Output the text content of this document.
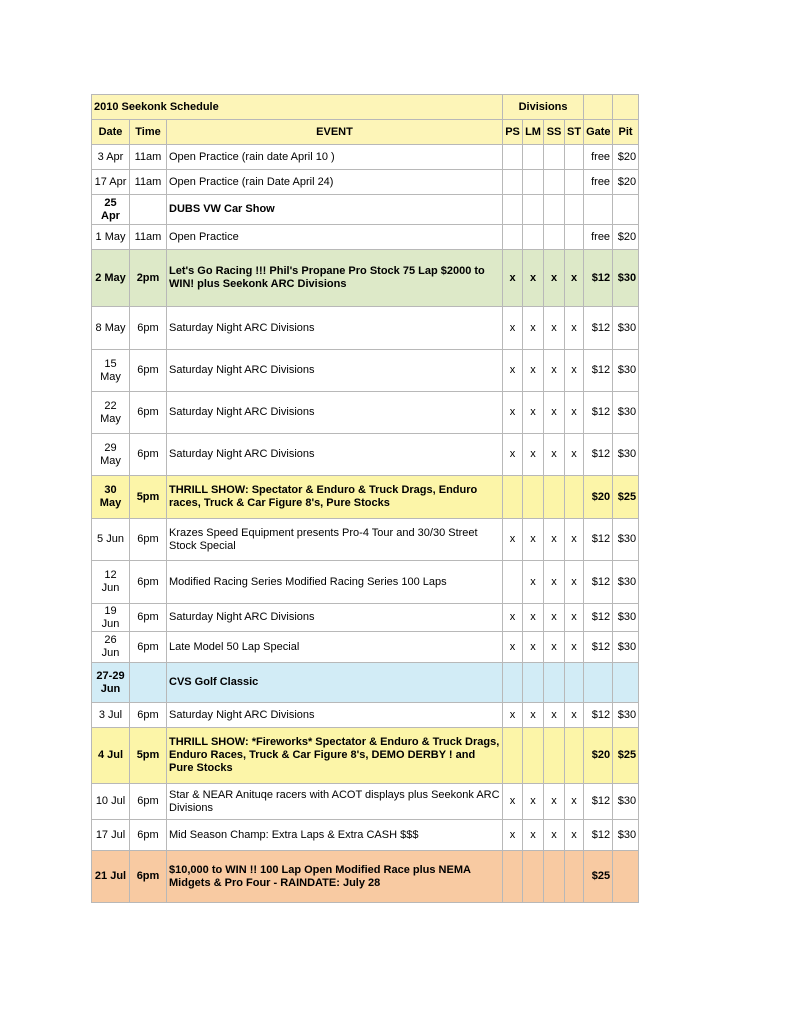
2010 Seekonk Schedule			Divisions					
Date	Time	EVENT	PS	LM	SS	ST	Gate	Pit
3 Apr	11am	Open Practice (rain date April 10 )					free	$20
17 Apr	11am	Open Practice (rain Date April 24)					free	$20
25 Apr		DUBS VW Car Show						
1 May	11am	Open Practice					free	$20
2 May	2pm	Let's Go Racing !!! Phil's Propane Pro Stock 75 Lap $2000 to WIN! plus Seekonk ARC Divisions	x	x	x	x	$12	$30
8 May	6pm	Saturday Night ARC Divisions	x	x	x	x	$12	$30
15 May	6pm	Saturday Night ARC Divisions	x	x	x	x	$12	$30
22 May	6pm	Saturday Night ARC Divisions	x	x	x	x	$12	$30
29 May	6pm	Saturday Night ARC Divisions	x	x	x	x	$12	$30
30 May	5pm	THRILL SHOW: Spectator & Enduro & Truck Drags, Enduro races, Truck & Car Figure 8's, Pure Stocks					$20	$25
5 Jun	6pm	Krazes Speed Equipment presents Pro-4 Tour and 30/30 Street Stock Special	x	x	x	x	$12	$30
12 Jun	6pm	Modified Racing Series Modified Racing Series 100 Laps		x	x	x	$12	$30
19 Jun	6pm	Saturday Night ARC Divisions	x	x	x	x	$12	$30
26 Jun	6pm	Late Model 50 Lap Special	x	x	x	x	$12	$30
27-29 Jun		CVS Golf Classic						
3 Jul	6pm	Saturday Night ARC Divisions	x	x	x	x	$12	$30
4 Jul	5pm	THRILL SHOW: *Fireworks* Spectator & Enduro & Truck Drags, Enduro Races, Truck & Car Figure 8's, DEMO DERBY ! and Pure Stocks					$20	$25
10 Jul	6pm	Star & NEAR Anituqe racers with ACOT displays plus Seekonk ARC Divisions	x	x	x	x	$12	$30
17 Jul	6pm	Mid Season Champ: Extra Laps & Extra CASH $$$	x	x	x	x	$12	$30
21 Jul	6pm	$10,000 to WIN !! 100 Lap Open Modified Race plus NEMA Midgets & Pro Four - RAINDATE: July 28					$25	
